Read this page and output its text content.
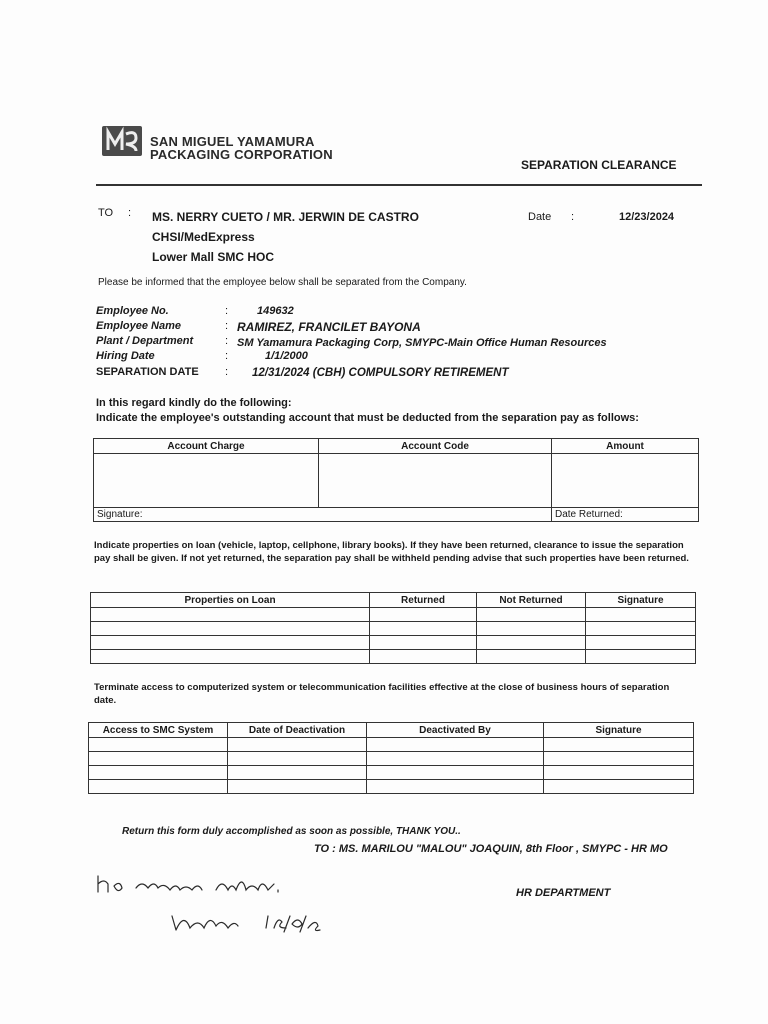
SAN MIGUEL YAMAMURA
PACKAGING CORPORATION
SEPARATION CLEARANCE
TO : MS. NERRY CUETO / MR. JERWIN DE CASTRO
CHSI/MedExpress
Lower Mall SMC HOC
Date :	12/23/2024
Please be informed that the employee below shall be separated from the Company.
Employee No.	:	149632
Employee Name	: RAMIREZ, FRANCILET BAYONA
Plant / Department	: SM Yamamura Packaging Corp, SMYPC-Main Office Human Resources
Hiring Date	:	1/1/2000
SEPARATION DATE : 12/31/2024 (CBH) COMPULSORY RETIREMENT
In this regard kindly do the following:
Indicate the employee's outstanding account that must be deducted from the separation pay as follows:
Account Charge	Account Code	Amount

Signature:		Date Returned:
Indicate properties on loan (vehicle, laptop, cellphone, library books). If they have been returned, clearance to issue the separation pay shall be given. If not yet returned, the separation pay shall be withheld pending advise that such properties have been returned.
Properties on Loan	Returned	Not Returned	Signature

Terminate access to computerized system or telecommunication facilities effective at the close of business hours of separation date.
Access to SMC System	Date of Deactivation	Deactivated By	Signature

Return this form duly accomplished as soon as possible, THANK YOU..
TO : MS. MARILOU "MALOU" JOAQUIN, 8th Floor , SMYPC - HR MO
HR DEPARTMENT
